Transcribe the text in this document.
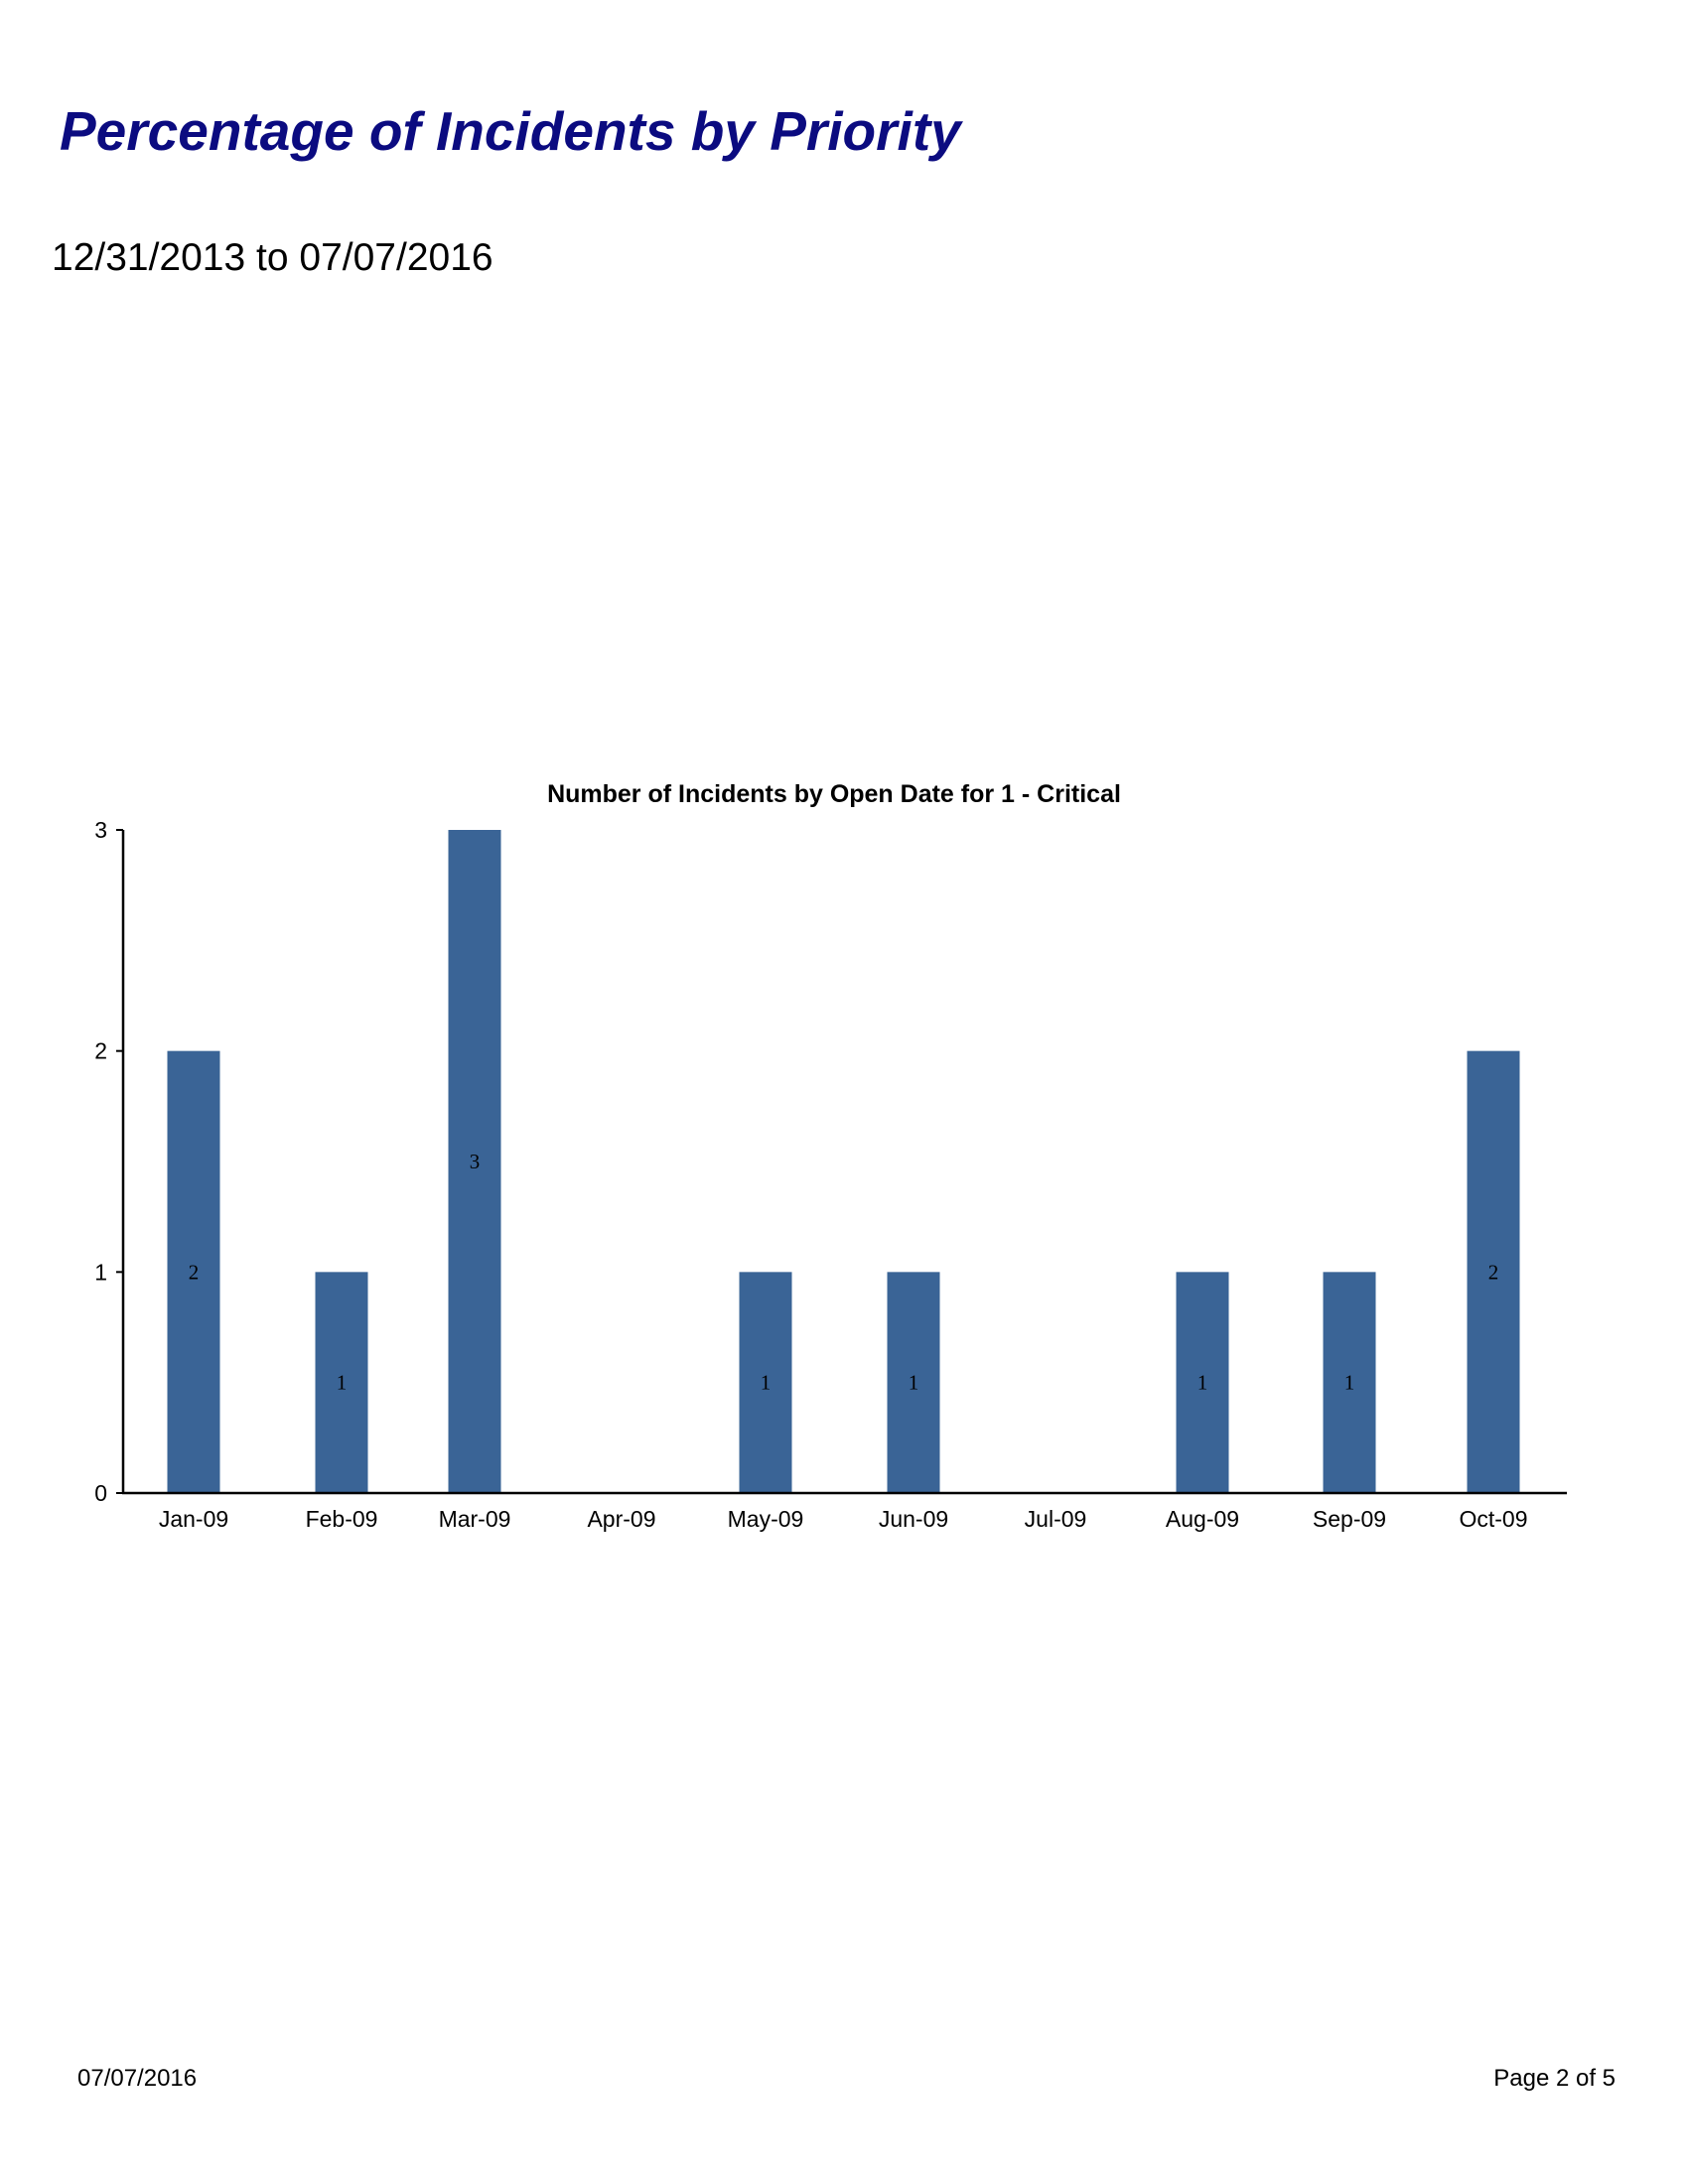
Percentage of Incidents by Priority
12/31/2013 to 07/07/2016
Number of Incidents by Open Date for 1 - Critical
2
1
3
1	1	1	1
2
Jan-09	Feb-09	Mar-09	Apr-09	May-09	Jun-09	Jul-09	Aug-09	Sep-09	Oct-09
0
1
2
3
07/07/2016	Page 2 of 5
